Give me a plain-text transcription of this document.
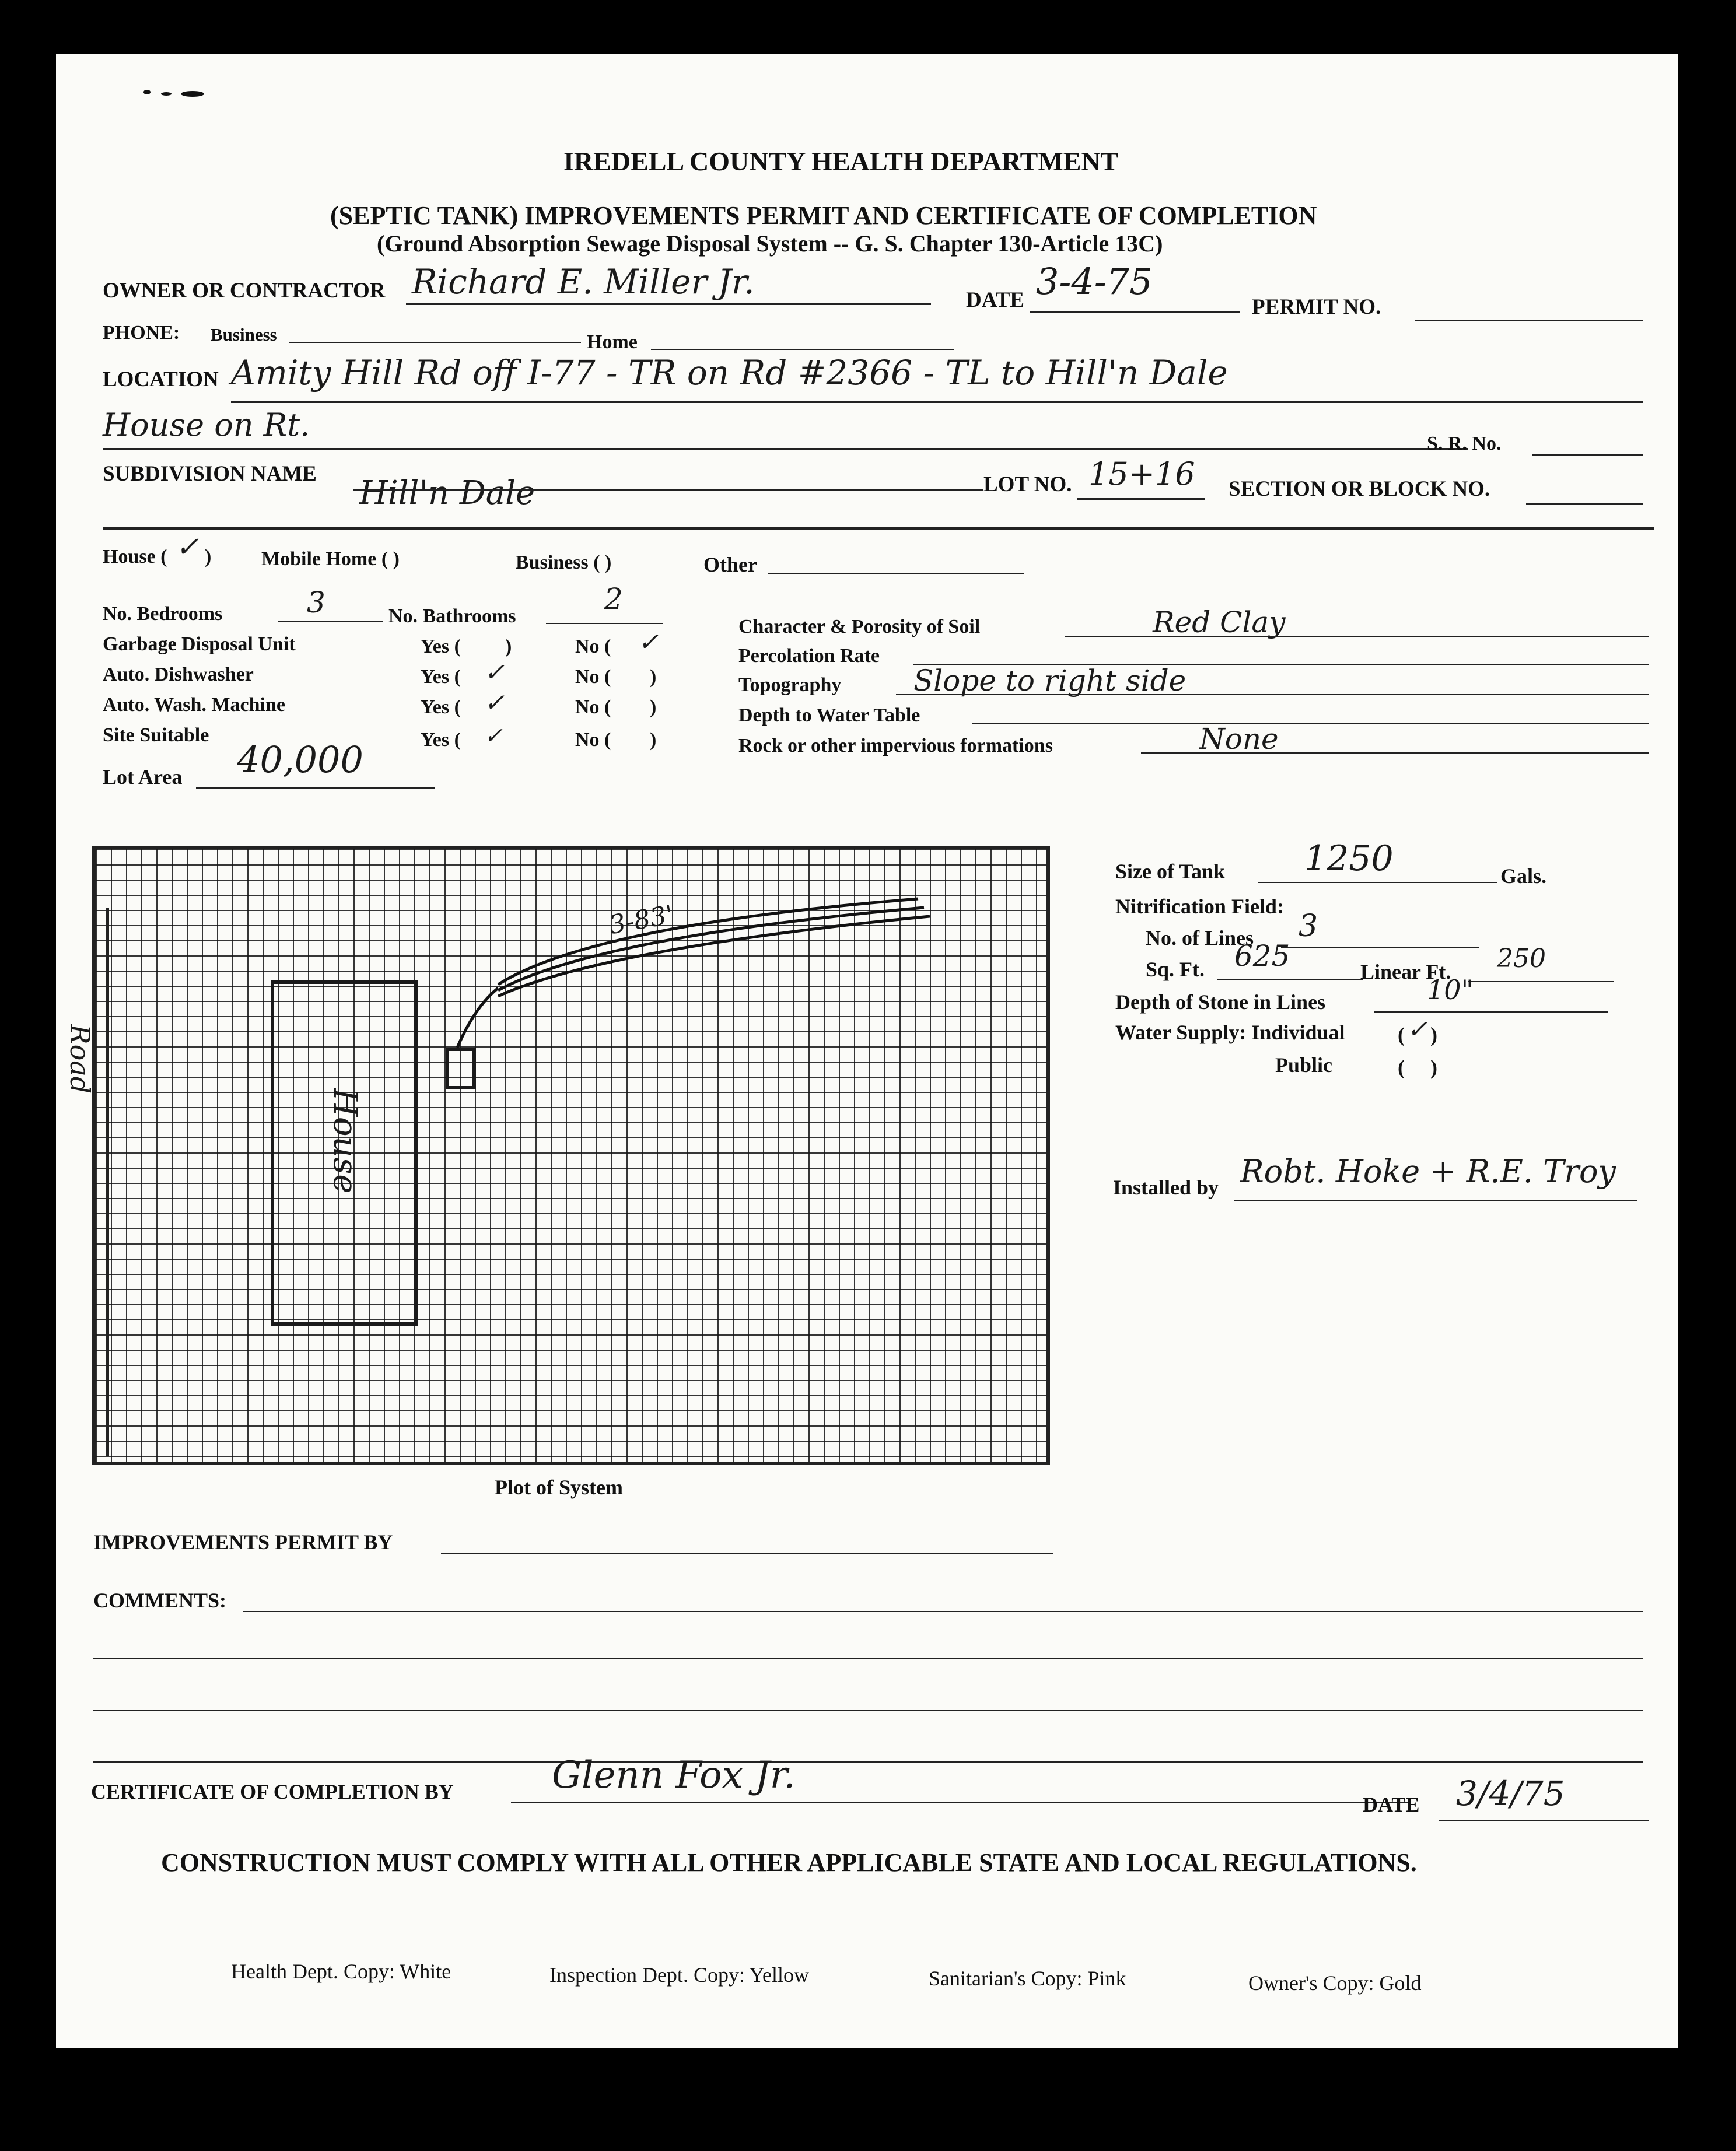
IREDELL COUNTY HEALTH DEPARTMENT
(SEPTIC TANK) IMPROVEMENTS PERMIT AND CERTIFICATE OF COMPLETION
(Ground Absorption Sewage Disposal System -- G. S. Chapter 130-Article 13C)
OWNER OR CONTRACTOR Richard E. Miller Jr.	DATE 3-4-75
PERMIT NO.
PHONE: Business	Home
LOCATION Amity Hill Rd off I-77 - TR on Rd #2366 - TL to Hill'n Dale
House on Rt.
S. R. No.
SUBDIVISION NAME
Hill'n Dale	LOT NO. 15+16 SECTION OR BLOCK NO.
House ( ✓ )	Mobile Home ( )	Business ( )	Other
No. Bedrooms	3	No. Bathrooms
2
Garbage Disposal Unit	Yes ( )	No ( ✓
Auto. Dishwasher	Yes ( ✓	No ( )
Auto. Wash. Machine	Yes ( ✓	No ( )
Site Suitable	Yes ( ✓	No ( )
Lot Area 40,000
Character & Porosity of Soil	Red Clay
Percolation Rate
Topography Slope to right side
Depth to Water Table
Rock or other impervious formations	None
Road
House
3-83'
Plot of System
Size of Tank 1250	Gals.
Nitrification Field:
No. of Lines 3
Sq. Ft. 625	Linear Ft. 250
Depth of Stone in Lines	10"
Water Supply: Individual	( ✓ )
Public	( )
Installed by Robt. Hoke + R.E. Troy
IMPROVEMENTS PERMIT BY
COMMENTS:
CERTIFICATE OF COMPLETION BY	Glenn Fox Jr.
DATE 3/4/75
CONSTRUCTION MUST COMPLY WITH ALL OTHER APPLICABLE STATE AND LOCAL REGULATIONS.
Health Dept. Copy: White	Inspection Dept. Copy: Yellow	Sanitarian's Copy: Pink	Owner's Copy: Gold
